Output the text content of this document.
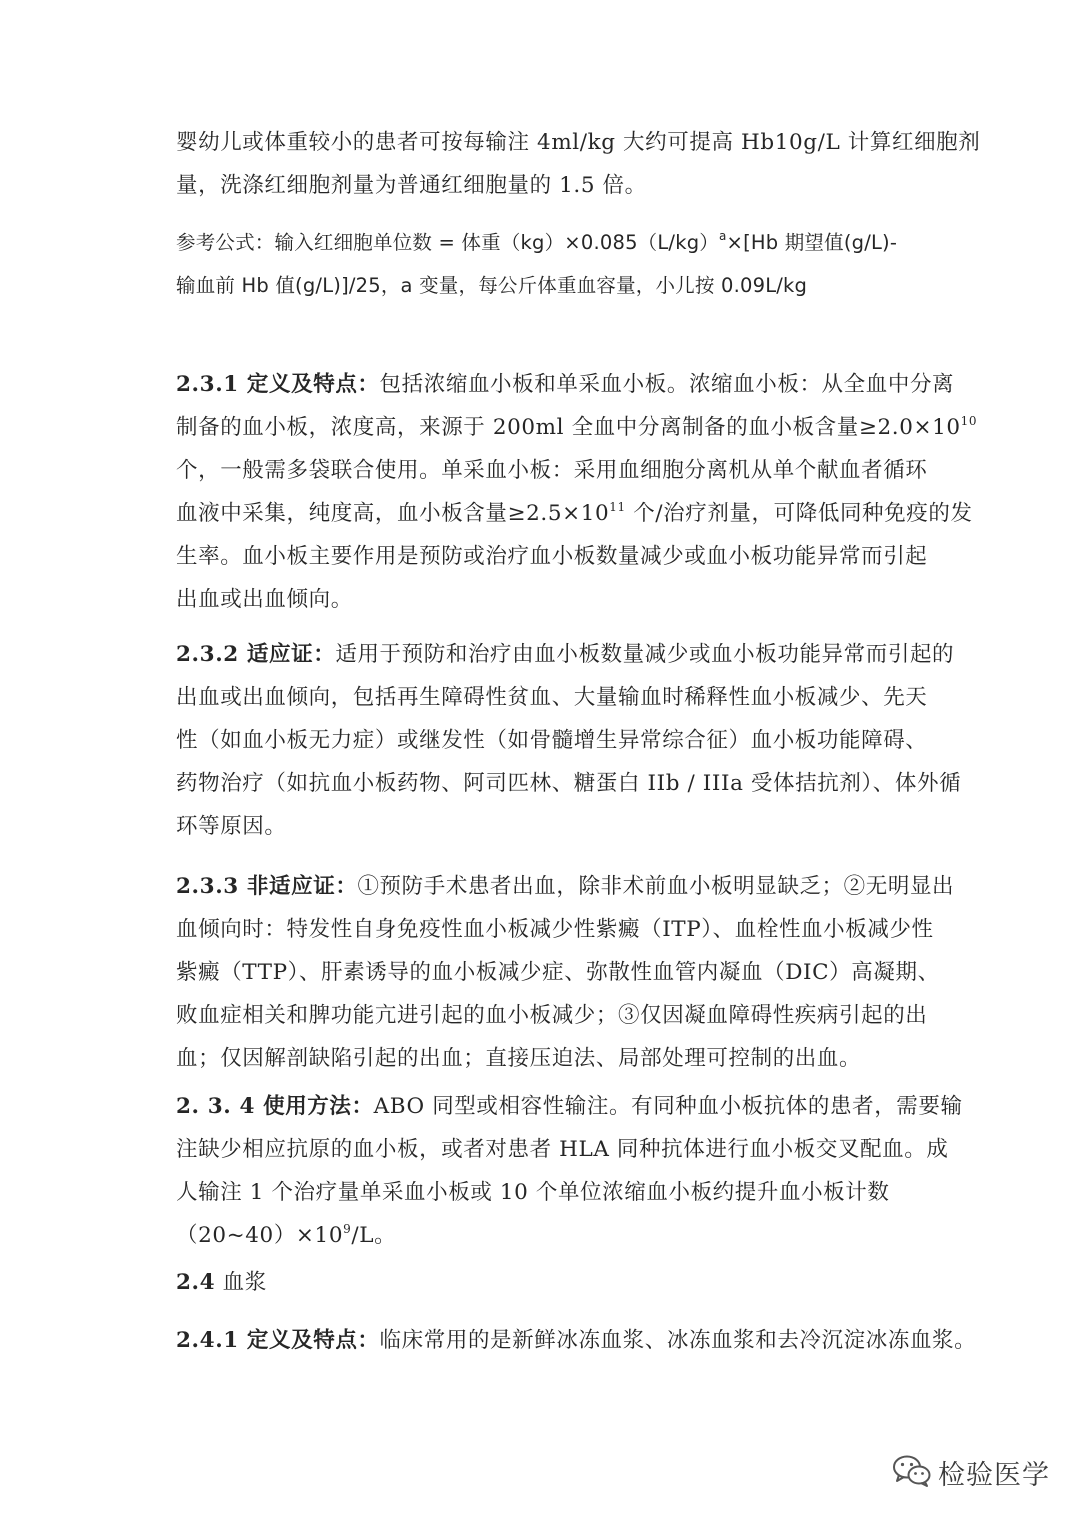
婴幼儿或体重较小的患者可按每输注 4ml/kg 大约可提高 Hb10g/L 计算红细胞剂
量，洗涤红细胞剂量为普通红细胞量的 1.5 倍。
参考公式：输入红细胞单位数 = 体重$(kg)\times 0.085(L/kg)^a\times[Hb$ 期望值(g/L)-
输血前 Hb 值(g/L)]/25，a 变量，每公斤体重血容量，小儿按 0.09L/kg
2.3.1 定义及特点：包括浓缩血小板和单采血小板。浓缩血小板：从全血中分离
制备的血小板，浓度高，来源于 200ml 全血中分离制备的血小板含量$\ge 2.0\times 10^{10}$
个，一般需多袋联合使用。单采血小板：采用血细胞分离机从单个献血者循环
血液中采集，纯度高，血小板含量$\ge 2.5\times 10^{11}$ 个/治疗剂量，可降低同种免疫的发
生率。血小板主要作用是预防或治疗血小板数量减少或血小板功能异常而引起
出血或出血倾向。
2.3.2 适应证：适用于预防和治疗由血小板数量减少或血小板功能异常而引起的
出血或出血倾向，包括再生障碍性贫血、大量输血时稀释性血小板减少、先天
性（如血小板无力症）或继发性（如骨髓增生异常综合征）血小板功能障碍、
药物治疗（如抗血小板药物、阿司匹林、糖蛋白 IIb / IIIa 受体拮抗剂）、体外循
环等原因。
2.3.3 非适应证：①预防手术患者出血，除非术前血小板明显缺乏；②无明显出
血倾向时：特发性自身免疫性血小板减少性紫癜（ITP）、血栓性血小板减少性
紫癜（TTP）、肝素诱导的血小板减少症、弥散性血管内凝血（DIC）高凝期、
败血症相关和脾功能亢进引起的血小板减少；③仅因凝血障碍性疾病引起的出
血；仅因解剖缺陷引起的出血；直接压迫法、局部处理可控制的出血。
2. 3. 4 使用方法：ABO 同型或相容性输注。有同种血小板抗体的患者，需要输
注缺少相应抗原的血小板，或者对患者 HLA 同种抗体进行血小板交叉配血。成
人输注 1 个治疗量单采血小板或 10 个单位浓缩血小板约提升血小板计数
$(20\sim 40)\times 10^9/L$。
2.4 血浆
2.4.1 定义及特点：临床常用的是新鲜冰冻血浆、冰冻血浆和去冷沉淀冰冻血浆。
检验医学
